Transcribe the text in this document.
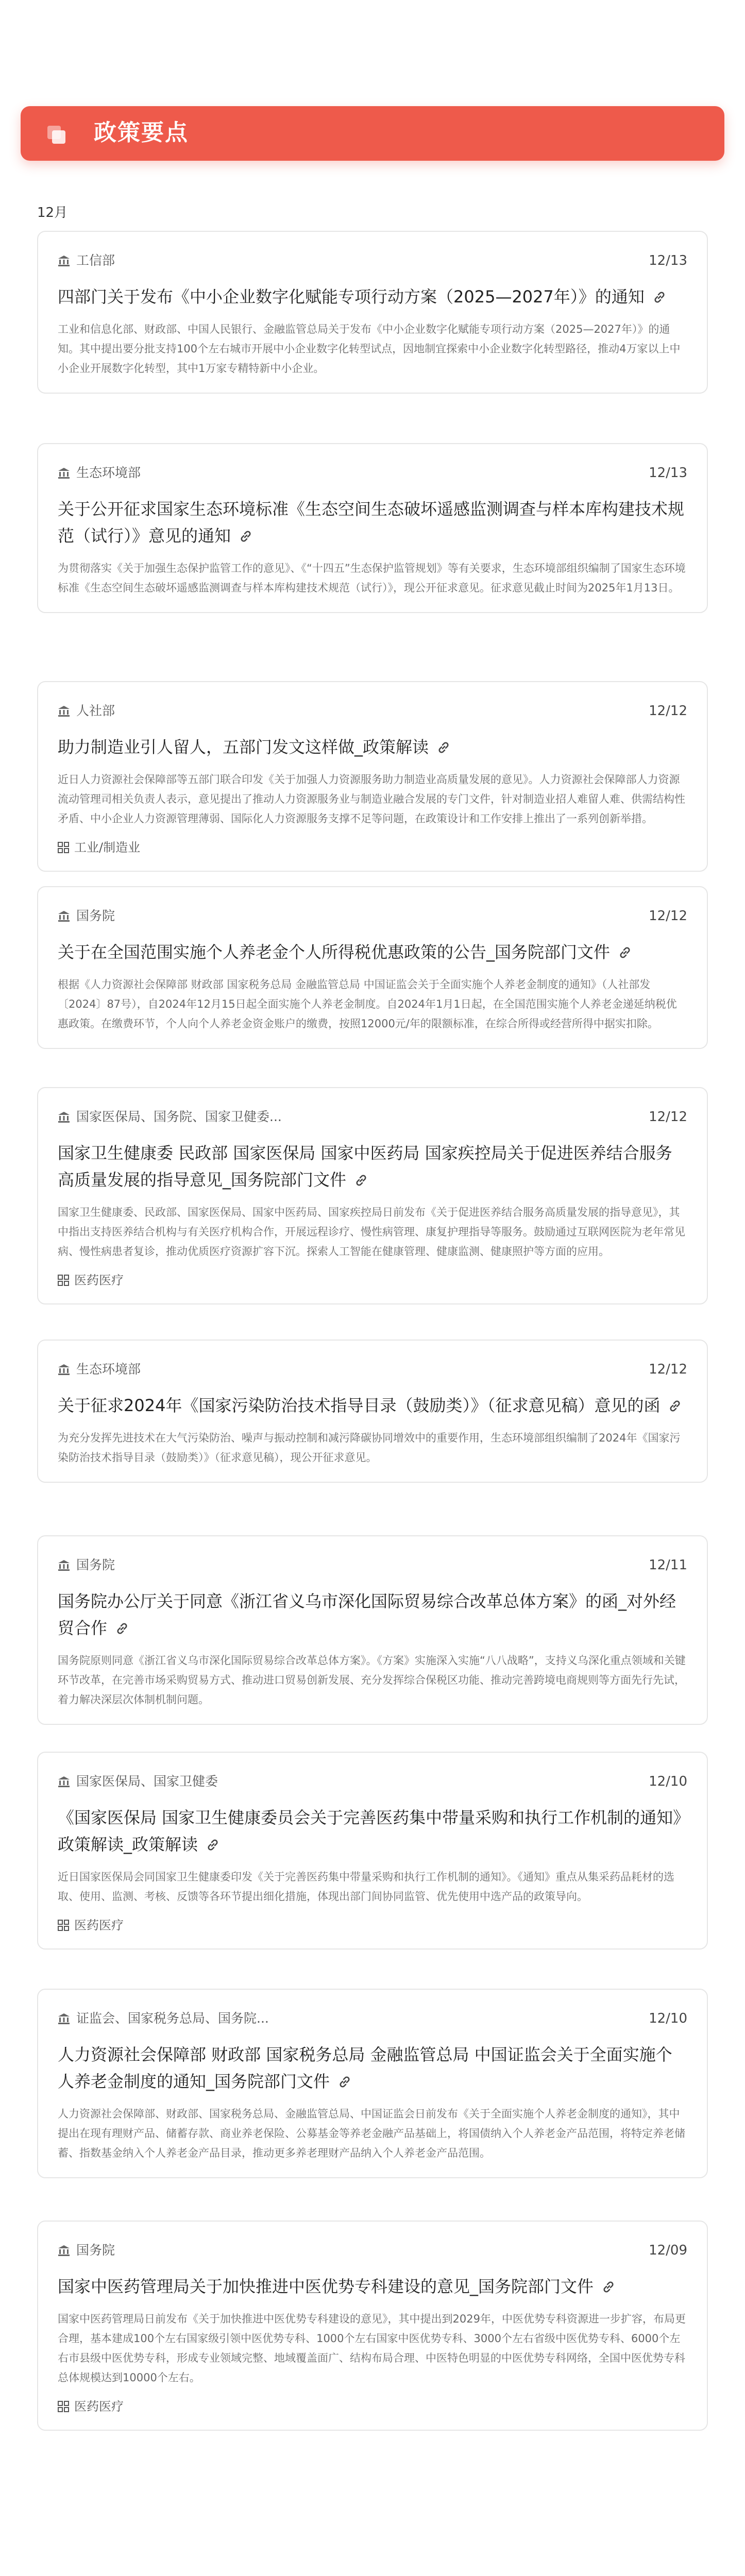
政策要点
12月
工信部	12/13
四部门关于发布《中小企业数字化赋能专项行动方案（2025—2027年）》的通知
工业和信息化部、财政部、中国人民银行、金融监管总局关于发布《中小企业数字化赋能专项行动方案（2025—2027年）》的通知。其中提出要分批支持100个左右城市开展中小企业数字化转型试点，因地制宜探索中小企业数字化转型路径，推动4万家以上中小企业开展数字化转型，其中1万家专精特新中小企业。
生态环境部	12/13
关于公开征求国家生态环境标准《生态空间生态破坏遥感监测调查与样本库构建技术规范（试行）》意见的通知
为贯彻落实《关于加强生态保护监管工作的意见》、《“十四五”生态保护监管规划》等有关要求，生态环境部组织编制了国家生态环境标准《生态空间生态破坏遥感监测调查与样本库构建技术规范（试行）》，现公开征求意见。征求意见截止时间为2025年1月13日。
人社部	12/12
助力制造业引人留人，五部门发文这样做_政策解读
近日人力资源社会保障部等五部门联合印发《关于加强人力资源服务助力制造业高质量发展的意见》。人力资源社会保障部人力资源流动管理司相关负责人表示，意见提出了推动人力资源服务业与制造业融合发展的专门文件，针对制造业招人难留人难、供需结构性矛盾、中小企业人力资源管理薄弱、国际化人力资源服务支撑不足等问题，在政策设计和工作安排上推出了一系列创新举措。
工业/制造业
国务院	12/12
关于在全国范围实施个人养老金个人所得税优惠政策的公告_国务院部门文件
根据《人力资源社会保障部 财政部 国家税务总局 金融监管总局 中国证监会关于全面实施个人养老金制度的通知》（人社部发〔2024〕87号），自2024年12月15日起全面实施个人养老金制度。自2024年1月1日起，在全国范围实施个人养老金递延纳税优惠政策。在缴费环节，个人向个人养老金资金账户的缴费，按照12000元/年的限额标准，在综合所得或经营所得中据实扣除。
国家医保局、国务院、国家卫健委...	12/12
国家卫生健康委 民政部 国家医保局 国家中医药局 国家疾控局关于促进医养结合服务高质量发展的指导意见_国务院部门文件
国家卫生健康委、民政部、国家医保局、国家中医药局、国家疾控局日前发布《关于促进医养结合服务高质量发展的指导意见》，其中指出支持医养结合机构与有关医疗机构合作，开展远程诊疗、慢性病管理、康复护理指导等服务。鼓励通过互联网医院为老年常见病、慢性病患者复诊，推动优质医疗资源扩容下沉。探索人工智能在健康管理、健康监测、健康照护等方面的应用。
医药医疗
生态环境部	12/12
关于征求2024年《国家污染防治技术指导目录（鼓励类）》（征求意见稿）意见的函
为充分发挥先进技术在大气污染防治、噪声与振动控制和减污降碳协同增效中的重要作用，生态环境部组织编制了2024年《国家污染防治技术指导目录（鼓励类）》（征求意见稿），现公开征求意见。
国务院	12/11
国务院办公厅关于同意《浙江省义乌市深化国际贸易综合改革总体方案》的函_对外经贸合作
国务院原则同意《浙江省义乌市深化国际贸易综合改革总体方案》。《方案》实施深入实施“八八战略”，支持义乌深化重点领域和关键环节改革，在完善市场采购贸易方式、推动进口贸易创新发展、充分发挥综合保税区功能、推动完善跨境电商规则等方面先行先试，着力解决深层次体制机制问题。
国家医保局、国家卫健委	12/10
《国家医保局 国家卫生健康委员会关于完善医药集中带量采购和执行工作机制的通知》政策解读_政策解读
近日国家医保局会同国家卫生健康委印发《关于完善医药集中带量采购和执行工作机制的通知》。《通知》重点从集采药品耗材的选取、使用、监测、考核、反馈等各环节提出细化措施，体现出部门间协同监管、优先使用中选产品的政策导向。
医药医疗
证监会、国家税务总局、国务院...	12/10
人力资源社会保障部 财政部 国家税务总局 金融监管总局 中国证监会关于全面实施个人养老金制度的通知_国务院部门文件
人力资源社会保障部、财政部、国家税务总局、金融监管总局、中国证监会日前发布《关于全面实施个人养老金制度的通知》，其中提出在现有理财产品、储蓄存款、商业养老保险、公募基金等养老金融产品基础上，将国债纳入个人养老金产品范围，将特定养老储蓄、指数基金纳入个人养老金产品目录，推动更多养老理财产品纳入个人养老金产品范围。
国务院	12/09
国家中医药管理局关于加快推进中医优势专科建设的意见_国务院部门文件
国家中医药管理局日前发布《关于加快推进中医优势专科建设的意见》，其中提出到2029年，中医优势专科资源进一步扩容，布局更合理，基本建成100个左右国家级引领中医优势专科、1000个左右国家中医优势专科、3000个左右省级中医优势专科、6000个左右市县级中医优势专科，形成专业领域完整、地域覆盖面广、结构布局合理、中医特色明显的中医优势专科网络，全国中医优势专科总体规模达到10000个左右。
医药医疗
